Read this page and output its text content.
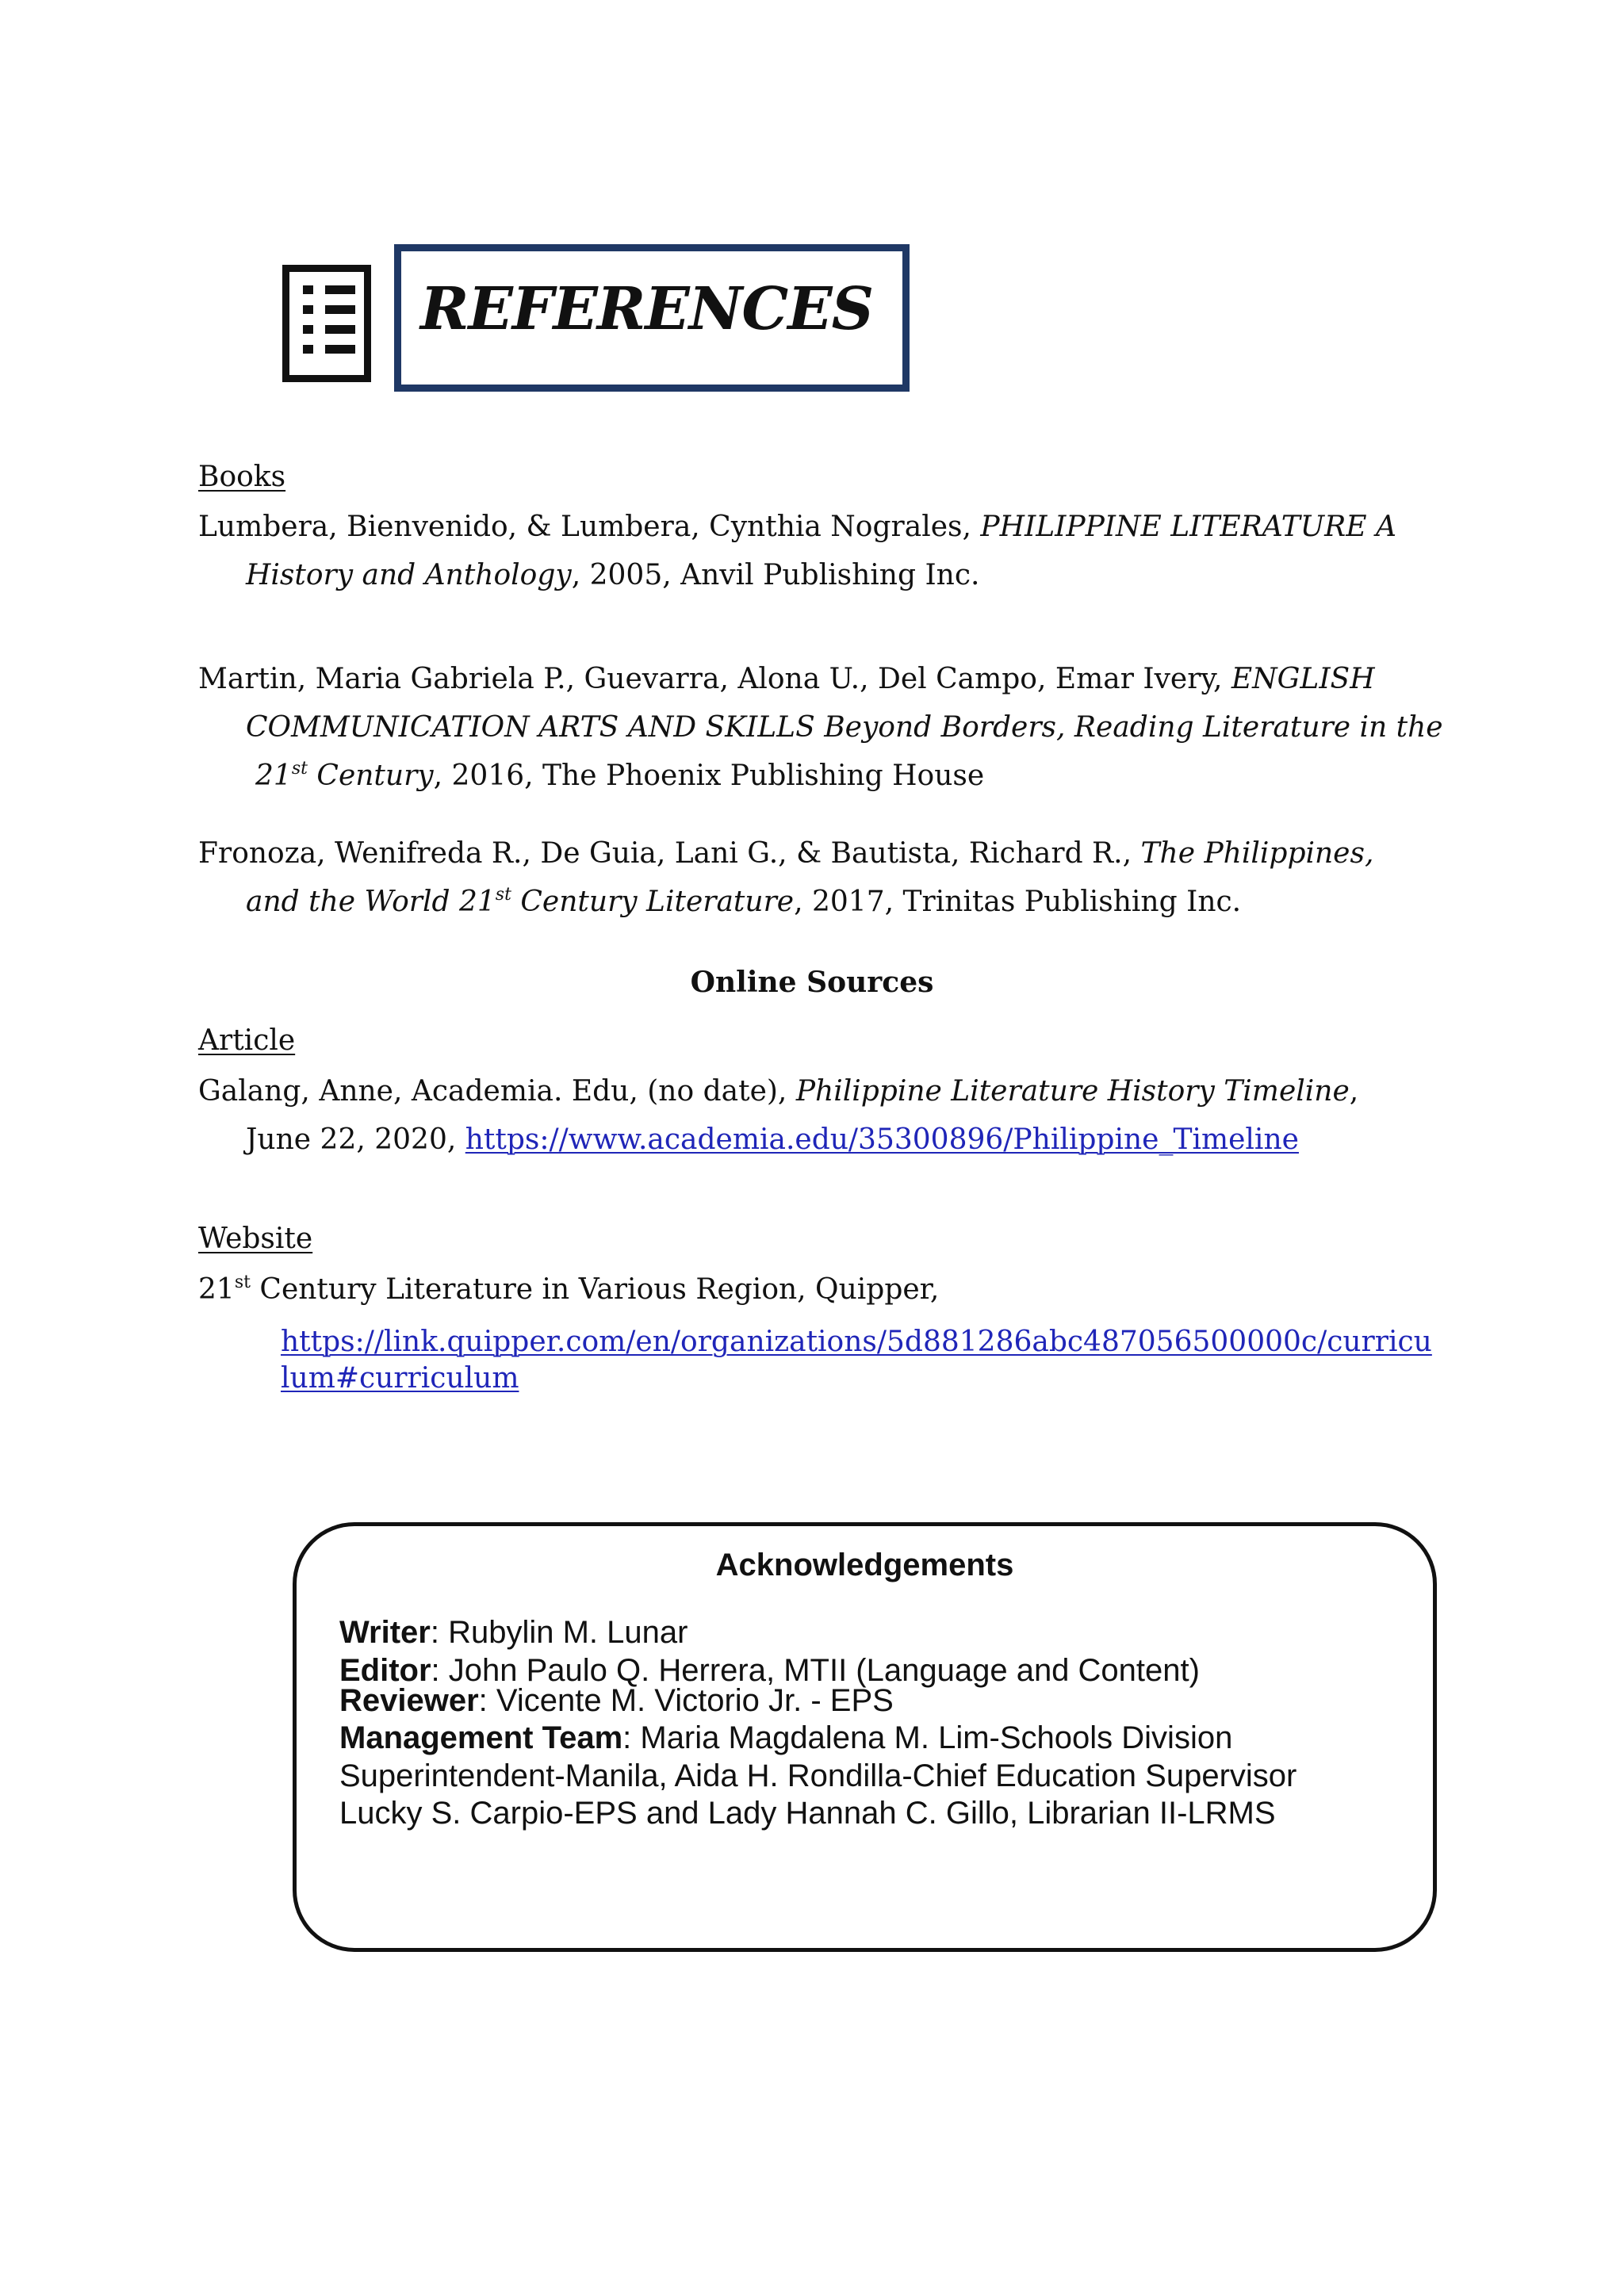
REFERENCES
Books
Lumbera, Bienvenido, & Lumbera, Cynthia Nograles, PHILIPPINE LITERATURE A
History and Anthology, 2005, Anvil Publishing Inc.
Martin, Maria Gabriela P., Guevarra, Alona U., Del Campo, Emar Ivery, ENGLISH
COMMUNICATION ARTS AND SKILLS Beyond Borders, Reading Literature in the
21st Century, 2016, The Phoenix Publishing House
Fronoza, Wenifreda R., De Guia, Lani G., & Bautista, Richard R., The Philippines,
and the World 21st Century Literature, 2017, Trinitas Publishing Inc.
Online Sources
Article
Galang, Anne, Academia. Edu, (no date), Philippine Literature History Timeline,
June 22, 2020, https://www.academia.edu/35300896/Philippine_Timeline
Website
21st Century Literature in Various Region, Quipper,
https://link.quipper.com/en/organizations/5d881286abc487056500000c/curricu
lum#curriculum
Acknowledgements
Writer: Rubylin M. Lunar
Editor: John Paulo Q. Herrera, MTII (Language and Content)
Reviewer: Vicente M. Victorio Jr. - EPS
Management Team: Maria Magdalena M. Lim-Schools Division
Superintendent-Manila, Aida H. Rondilla-Chief Education Supervisor
Lucky S. Carpio-EPS and Lady Hannah C. Gillo, Librarian II-LRMS
